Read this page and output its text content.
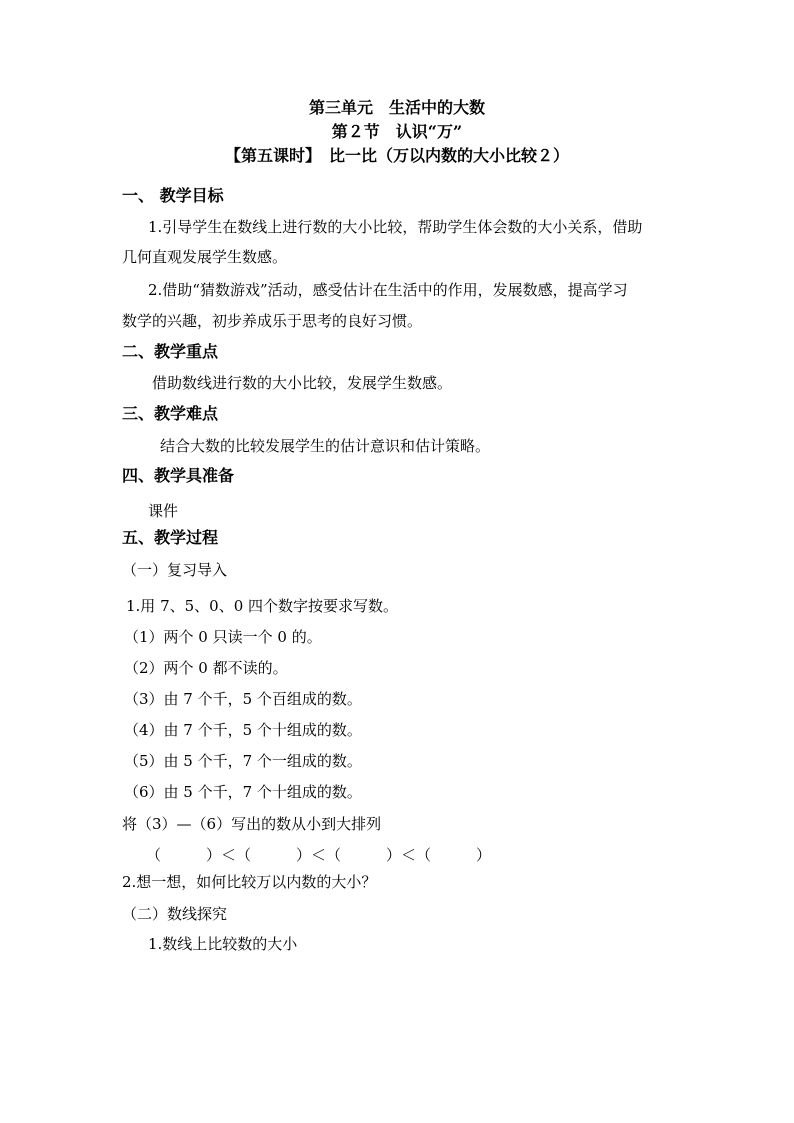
第三单元　生活中的大数
第２节　认识“万”
【第五课时】　比一比（万以内数的大小比较２）
一、 教学目标
1.引导学生在数线上进行数的大小比较，帮助学生体会数的大小关系，借助
几何直观发展学生数感。
2.借助“猜数游戏”活动，感受估计在生活中的作用，发展数感，提高学习
数学的兴趣，初步养成乐于思考的良好习惯。
二、教学重点
借助数线进行数的大小比较，发展学生数感。
三、教学难点
结合大数的比较发展学生的估计意识和估计策略。
四、教学具准备
课件
五、教学过程
（一）复习导入
1.用 7、5、0、0 四个数字按要求写数。
（1）两个 0 只读一个 0 的。
（2）两个 0 都不读的。
（3）由 7 个千，5 个百组成的数。
（4）由 7 个千，5 个十组成的数。
（5）由 5 个千，7 个一组成的数。
（6）由 5 个千，7 个十组成的数。
将（3）—（6）写出的数从小到大排列
（　　　）＜（　　　）＜（　　　）＜（　　　）
2.想一想，如何比较万以内数的大小？
（二）数线探究
1.数线上比较数的大小
